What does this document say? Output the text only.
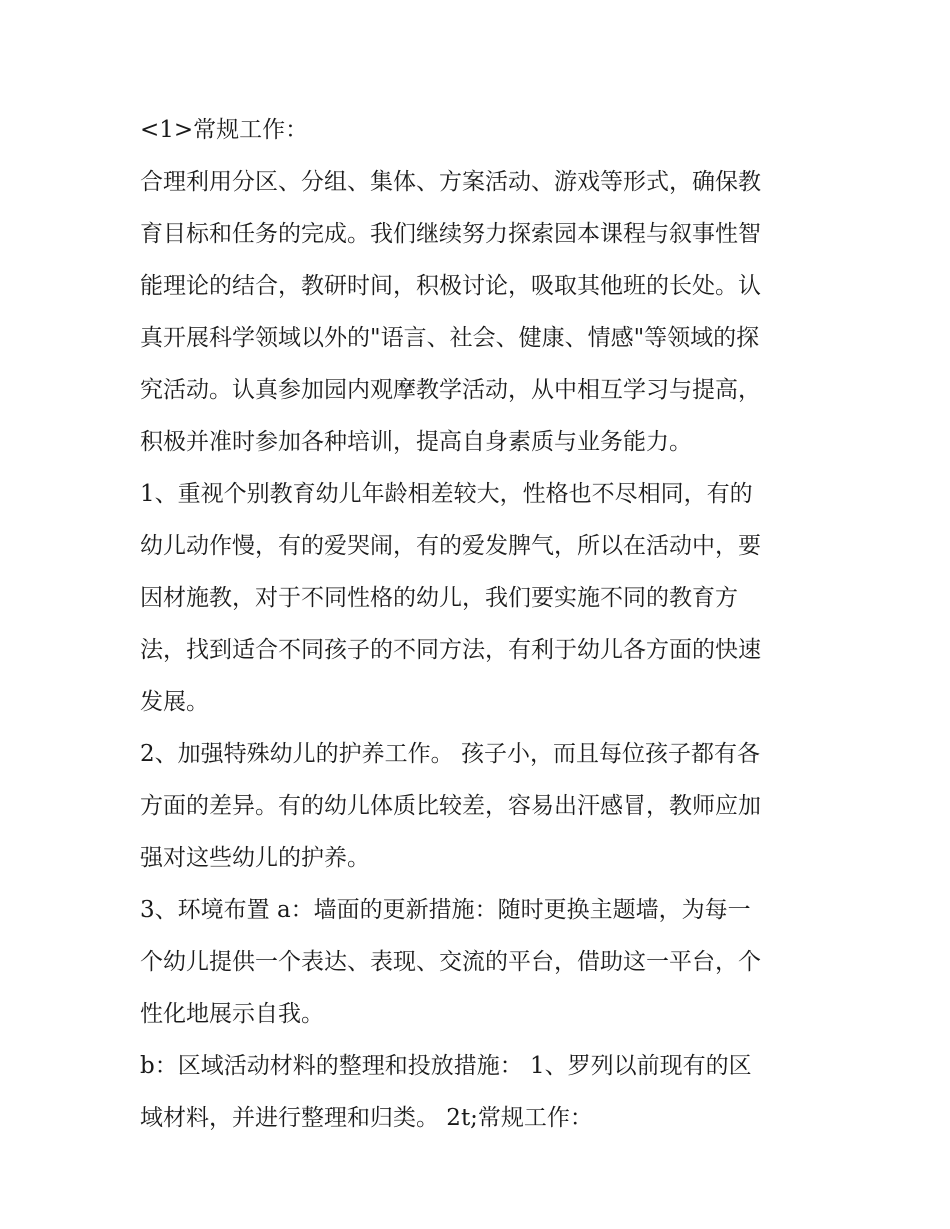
<1>常规工作：

合理利用分区、分组、集体、方案活动、游戏等形式，确保教

育目标和任务的完成。我们继续努力探索园本课程与叙事性智

能理论的结合，教研时间，积极讨论，吸取其他班的长处。认

真开展科学领域以外的"语言、社会、健康、情感"等领域的探

究活动。认真参加园内观摩教学活动，从中相互学习与提高，

积极并准时参加各种培训，提高自身素质与业务能力。

1、重视个别教育幼儿年龄相差较大，性格也不尽相同，有的

幼儿动作慢，有的爱哭闹，有的爱发脾气，所以在活动中，要

因材施教，对于不同性格的幼儿，我们要实施不同的教育方

法，找到适合不同孩子的不同方法，有利于幼儿各方面的快速

发展。

2、加强特殊幼儿的护养工作。 孩子小，而且每位孩子都有各

方面的差异。有的幼儿体质比较差，容易出汗感冒，教师应加

强对这些幼儿的护养。

3、环境布置 a：墙面的更新措施：随时更换主题墙，为每一

个幼儿提供一个表达、表现、交流的平台，借助这一平台，个

性化地展示自我。

b：区域活动材料的整理和投放措施： 1、罗列以前现有的区

域材料，并进行整理和归类。 2t;常规工作：
